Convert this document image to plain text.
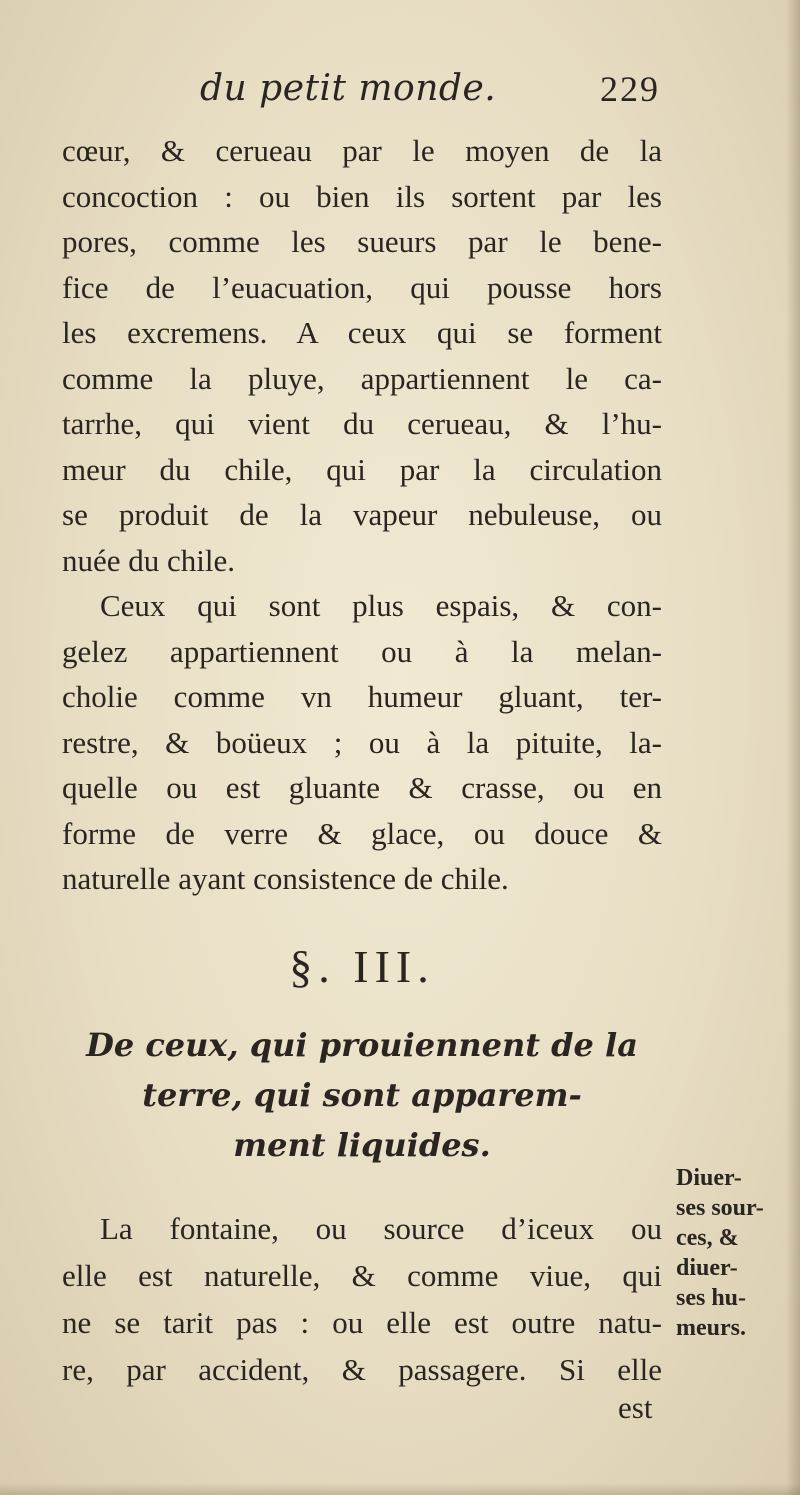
du petit monde.	229
cœur, & cerueau par le moyen de la
concoction : ou bien ils sortent par les
pores, comme les sueurs par le bene-
fice de l’euacuation, qui pousse hors
les excremens. A ceux qui se forment
comme la pluye, appartiennent le ca-
tarrhe, qui vient du cerueau, & l’hu-
meur du chile, qui par la circulation
se produit de la vapeur nebuleuse, ou
nuée du chile.
Ceux qui sont plus espais, & con-
gelez appartiennent ou à la melan-
cholie comme vn humeur gluant, ter-
restre, & boüeux ; ou à la pituite, la-
quelle ou est gluante & crasse, ou en
forme de verre & glace, ou douce &
naturelle ayant consistence de chile.
§. III.
De ceux, qui prouiennent de la
terre, qui sont apparem-
ment liquides.
La fontaine, ou source d’iceux ou
elle est naturelle, & comme viue, qui
ne se tarit pas : ou elle est outre natu-
re, par accident, & passagere. Si elle
est
Diuer-
ses sour-
ces, &
diuer-
ses hu-
meurs.
